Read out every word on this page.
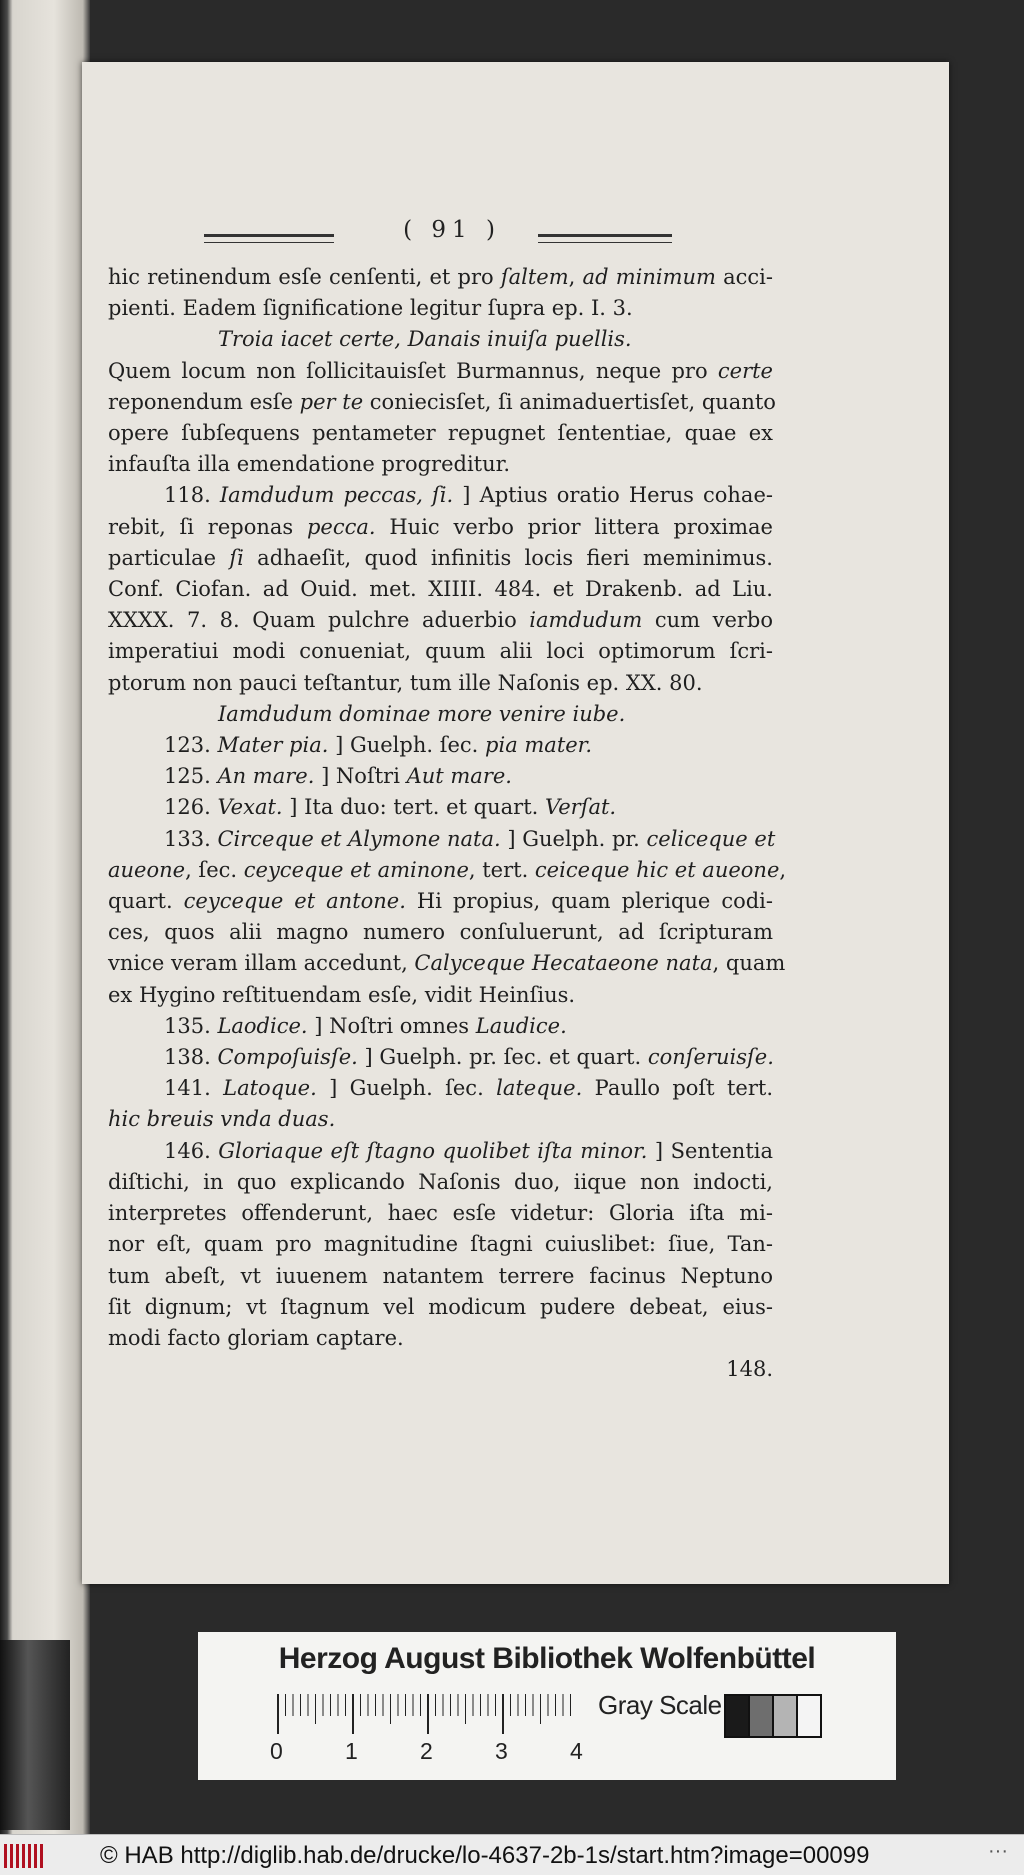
( 91 )
hic retinendum esſe cenſenti, et pro ſaltem, ad minimum acci-
pienti. Eadem ſignificatione legitur ſupra ep. I. 3.
Troia iacet certe, Danais inuiſa puellis.
Quem locum non ſollicitauisſet Burmannus, neque pro certe
reponendum esſe per te coniecisſet, ſi animaduertisſet, quanto
opere ſubſequens pentameter repugnet ſententiae, quae ex
infauſta illa emendatione progreditur.
118. Iamdudum peccas, ſi. ] Aptius oratio Herus cohae-
rebit, ſi reponas pecca. Huic verbo prior littera proximae
particulae ſi adhaeſit, quod infinitis locis fieri meminimus.
Conf. Ciofan. ad Ouid. met. XIIII. 484. et Drakenb. ad Liu.
XXXX. 7. 8. Quam pulchre aduerbio iamdudum cum verbo
imperatiui modi conueniat, quum alii loci optimorum ſcri-
ptorum non pauci teſtantur, tum ille Naſonis ep. XX. 80.
Iamdudum dominae more venire iube.
123. Mater pia. ] Guelph. ſec. pia mater.
125. An mare. ] Noſtri Aut mare.
126. Vexat. ] Ita duo: tert. et quart. Verſat.
133. Circeque et Alymone nata. ] Guelph. pr. celiceque et
aueone, ſec. ceyceque et aminone, tert. ceiceque hic et aueone,
quart. ceyceque et antone. Hi propius, quam plerique codi-
ces, quos alii magno numero conſuluerunt, ad ſcripturam
vnice veram illam accedunt, Calyceque Hecataeone nata, quam
ex Hygino reſtituendam esſe, vidit Heinſius.
135. Laodice. ] Noſtri omnes Laudice.
138. Compoſuisſe. ] Guelph. pr. ſec. et quart. conſeruisſe.
141. Latoque. ] Guelph. ſec. lateque. Paullo poſt tert.
hic breuis vnda duas.
146. Gloriaque eſt ſtagno quolibet iſta minor. ] Sententia
diſtichi, in quo explicando Naſonis duo, iique non indocti,
interpretes offenderunt, haec esſe videtur: Gloria iſta mi-
nor eſt, quam pro magnitudine ſtagni cuiuslibet: ſiue, Tan-
tum abeſt, vt iuuenem natantem terrere facinus Neptuno
ſit dignum; vt ſtagnum vel modicum pudere debeat, eius-
modi facto gloriam captare.
148.
Herzog August Bibliothek Wolfenbüttel
0	1	2	3	4
Gray Scale
© HAB http://diglib.hab.de/drucke/lo-4637-2b-1s/start.htm?image=00099	···
